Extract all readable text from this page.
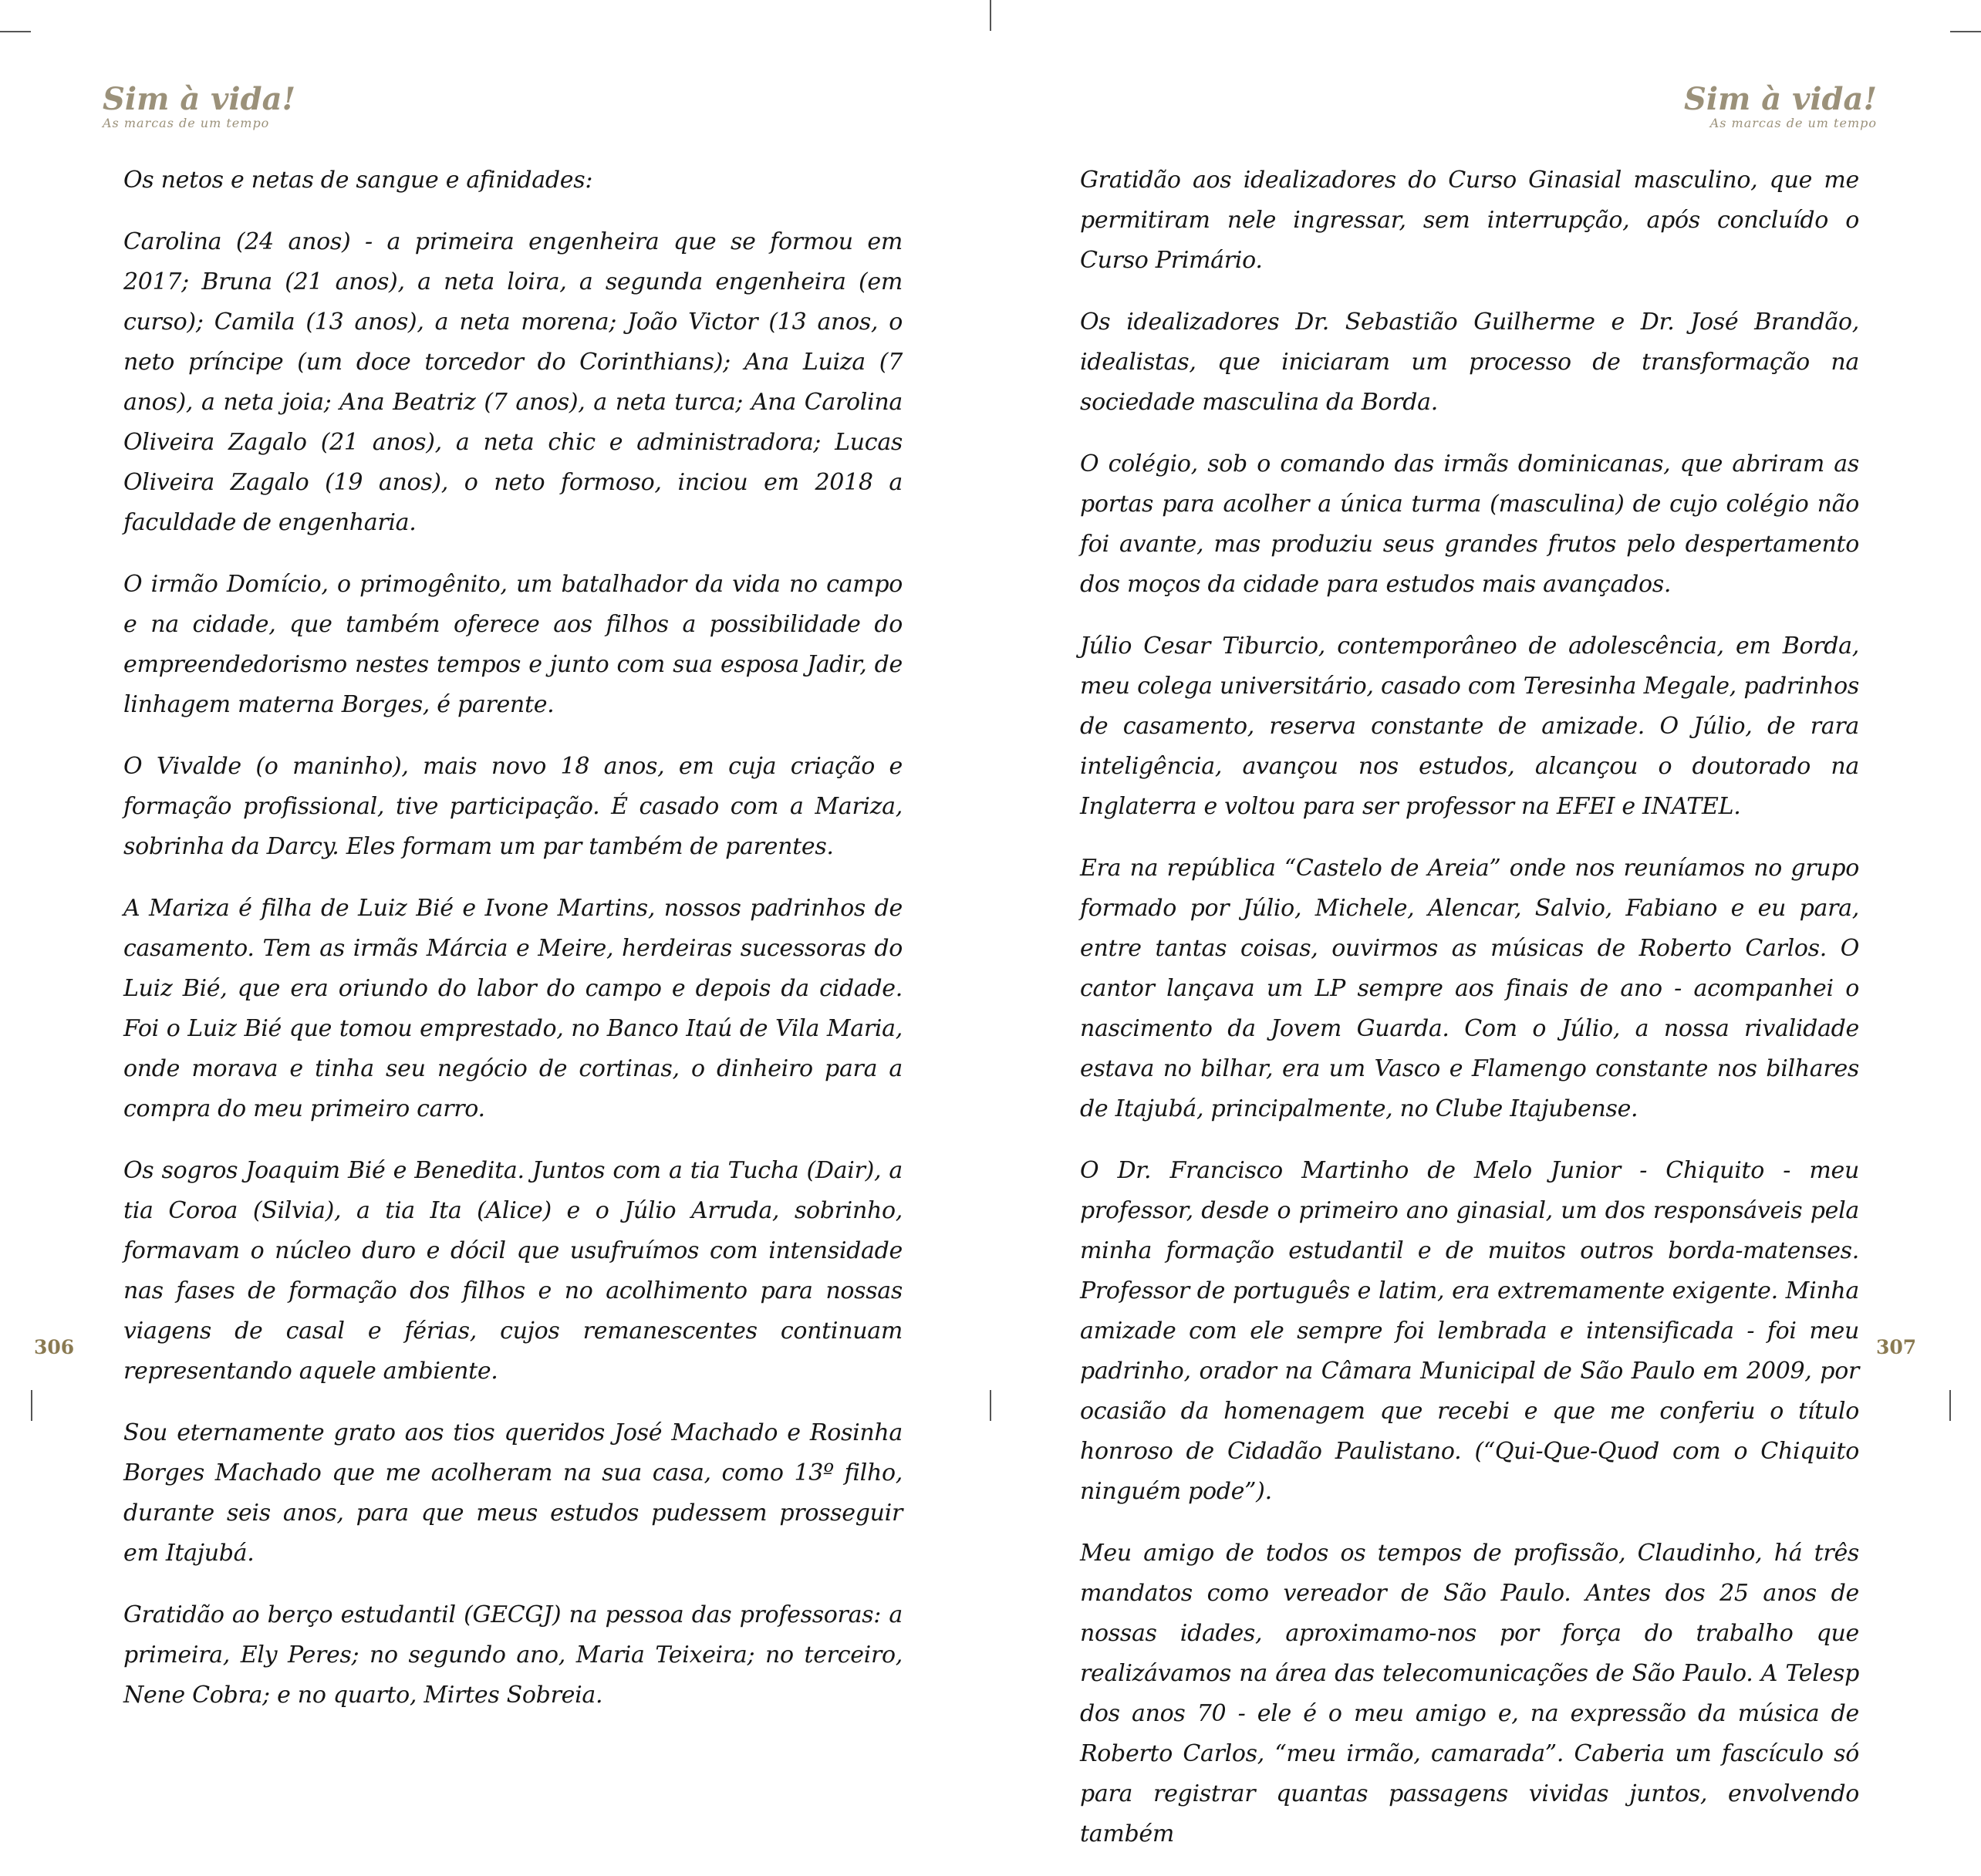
Sim à vida!
As marcas de um tempo
Sim à vida!
As marcas de um tempo

Os netos e netas de sangue e afinidades:

Carolina (24 anos) - a primeira engenheira que se formou em 2017; Bruna (21 anos), a neta loira, a segunda engenheira (em curso); Camila (13 anos), a neta morena; João Victor (13 anos, o neto príncipe (um doce torcedor do Corinthians); Ana Luiza (7 anos), a neta joia; Ana Beatriz (7 anos), a neta turca; Ana Carolina Oliveira Zagalo (21 anos), a neta chic e administradora; Lucas Oliveira Zagalo (19 anos), o neto formoso, inciou em 2018 a faculdade de engenharia.

O irmão Domício, o primogênito, um batalhador da vida no campo e na cidade, que também oferece aos filhos a possibilidade do empreendedorismo nestes tempos e junto com sua esposa Jadir, de linhagem materna Borges, é parente.

O Vivalde (o maninho), mais novo 18 anos, em cuja criação e formação profissional, tive participação. É casado com a Mariza, sobrinha da Darcy. Eles formam um par também de parentes.

A Mariza é filha de Luiz Bié e Ivone Martins, nossos padrinhos de casamento. Tem as irmãs Márcia e Meire, herdeiras sucessoras do Luiz Bié, que era oriundo do labor do campo e depois da cidade. Foi o Luiz Bié que tomou emprestado, no Banco Itaú de Vila Maria, onde morava e tinha seu negócio de cortinas, o dinheiro para a compra do meu primeiro carro.

Os sogros Joaquim Bié e Benedita. Juntos com a tia Tucha (Dair), a tia Coroa (Silvia), a tia Ita (Alice) e o Júlio Arruda, sobrinho, formavam o núcleo duro e dócil que usufruímos com intensidade nas fases de formação dos filhos e no acolhimento para nossas viagens de casal e férias, cujos remanescentes continuam representando aquele ambiente.

Sou eternamente grato aos tios queridos José Machado e Rosinha Borges Machado que me acolheram na sua casa, como 13º filho, durante seis anos, para que meus estudos pudessem prosseguir em Itajubá.

Gratidão ao berço estudantil (GECGJ) na pessoa das professoras: a primeira, Ely Peres; no segundo ano, Maria Teixeira; no terceiro, Nene Cobra; e no quarto, Mirtes Sobreia.

Gratidão aos idealizadores do Curso Ginasial masculino, que me permitiram nele ingressar, sem interrupção, após concluído o Curso Primário.

Os idealizadores Dr. Sebastião Guilherme e Dr. José Brandão, idealistas, que iniciaram um processo de transformação na sociedade masculina da Borda.

O colégio, sob o comando das irmãs dominicanas, que abriram as portas para acolher a única turma (masculina) de cujo colégio não foi avante, mas produziu seus grandes frutos pelo despertamento dos moços da cidade para estudos mais avançados.

Júlio Cesar Tiburcio, contemporâneo de adolescência, em Borda, meu colega universitário, casado com Teresinha Megale, padrinhos de casamento, reserva constante de amizade. O Júlio, de rara inteligência, avançou nos estudos, alcançou o doutorado na Inglaterra e voltou para ser professor na EFEI e INATEL.

Era na república “Castelo de Areia” onde nos reuníamos no grupo formado por Júlio, Michele, Alencar, Salvio, Fabiano e eu para, entre tantas coisas, ouvirmos as músicas de Roberto Carlos. O cantor lançava um LP sempre aos finais de ano - acompanhei o nascimento da Jovem Guarda. Com o Júlio, a nossa rivalidade estava no bilhar, era um Vasco e Flamengo constante nos bilhares de Itajubá, principalmente, no Clube Itajubense.

O Dr. Francisco Martinho de Melo Junior - Chiquito - meu professor, desde o primeiro ano ginasial, um dos responsáveis pela minha formação estudantil e de muitos outros borda-matenses. Professor de português e latim, era extremamente exigente. Minha amizade com ele sempre foi lembrada e intensificada - foi meu padrinho, orador na Câmara Municipal de São Paulo em 2009, por ocasião da homenagem que recebi e que me conferiu o título honroso de Cidadão Paulistano. (“Qui-Que-Quod com o Chiquito ninguém pode”).

Meu amigo de todos os tempos de profissão, Claudinho, há três mandatos como vereador de São Paulo. Antes dos 25 anos de nossas idades, aproximamo-nos por força do trabalho que realizávamos na área das telecomunicações de São Paulo. A Telesp dos anos 70 - ele é o meu amigo e, na expressão da música de Roberto Carlos, “meu irmão, camarada”. Caberia um fascículo só para registrar quantas passagens vividas juntos, envolvendo também

306	307
